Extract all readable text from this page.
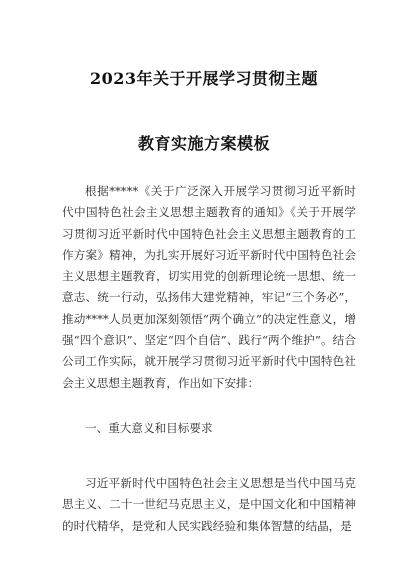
2023年关于开展学习贯彻主题
教育实施方案模板

根据*****《关于广泛深入开展学习贯彻习近平新时代中国特色社会主义思想主题教育的通知》《关于开展学习贯彻习近平新时代中国特色社会主义思想主题教育的工作方案》精神，为扎实开展好习近平新时代中国特色社会主义思想主题教育，切实用党的创新理论统一思想、统一意志、统一行动，弘扬伟大建党精神，牢记“三个务必”，推动****人员更加深刻领悟“两个确立”的决定性意义，增强“四个意识”、坚定“四个自信”、践行“两个维护”。结合公司工作实际，就开展学习贯彻习近平新时代中国特色社会主义思想主题教育，作出如下安排：

一、重大意义和目标要求

习近平新时代中国特色社会主义思想是当代中国马克思主义、二十一世纪马克思主义，是中国文化和中国精神的时代精华，是党和人民实践经验和集体智慧的结晶，是
